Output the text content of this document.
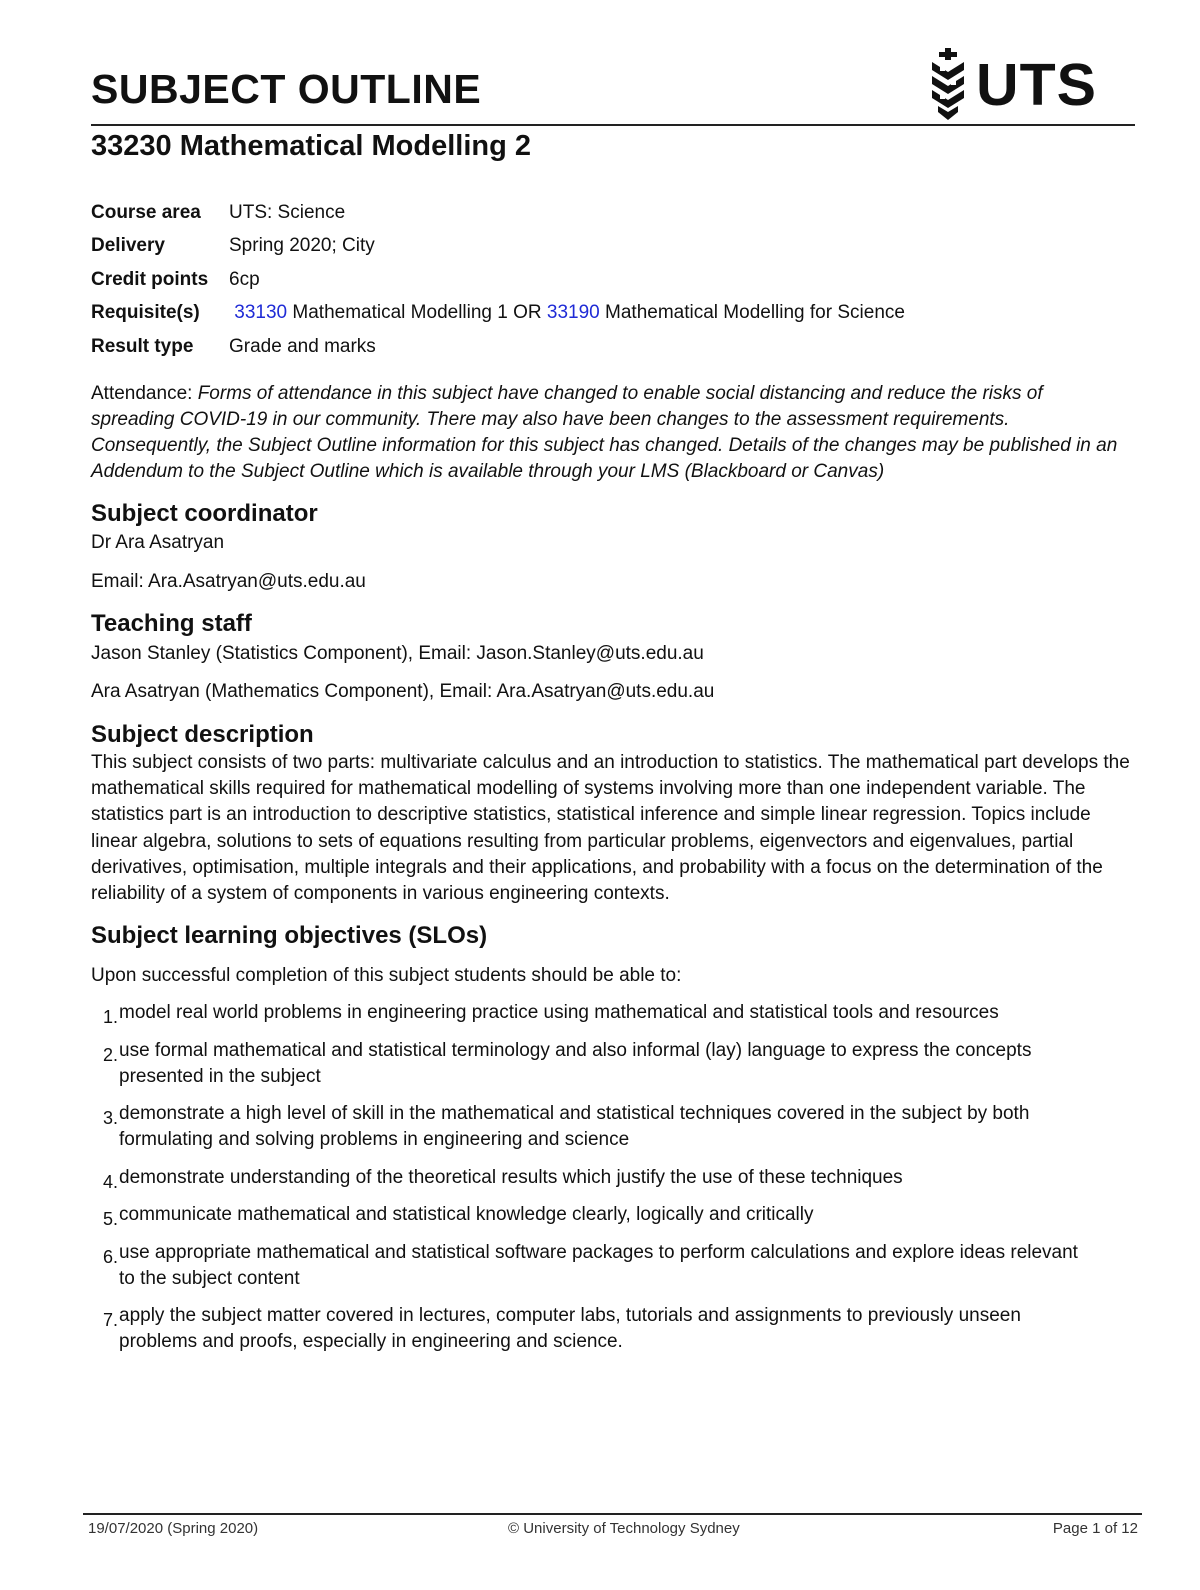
SUBJECT OUTLINE	UTS
33230 Mathematical Modelling 2
Course area	UTS: Science
Delivery	Spring 2020; City
Credit points	6cp
Requisite(s)	33130 Mathematical Modelling 1 OR 33190 Mathematical Modelling for Science
Result type	Grade and marks

Attendance: Forms of attendance in this subject have changed to enable social distancing and reduce the risks of spreading COVID-19 in our community. There may also have been changes to the assessment requirements. Consequently, the Subject Outline information for this subject has changed. Details of the changes may be published in an Addendum to the Subject Outline which is available through your LMS (Blackboard or Canvas)

Subject coordinator

Dr Ara Asatryan

Email: Ara.Asatryan@uts.edu.au

Teaching staff

Jason Stanley (Statistics Component), Email: Jason.Stanley@uts.edu.au

Ara Asatryan (Mathematics Component), Email: Ara.Asatryan@uts.edu.au

Subject description

This subject consists of two parts: multivariate calculus and an introduction to statistics. The mathematical part develops the mathematical skills required for mathematical modelling of systems involving more than one independent variable. The statistics part is an introduction to descriptive statistics, statistical inference and simple linear regression. Topics include linear algebra, solutions to sets of equations resulting from particular problems, eigenvectors and eigenvalues, partial derivatives, optimisation, multiple integrals and their applications, and probability with a focus on the determination of the reliability of a system of components in various engineering contexts.

Subject learning objectives (SLOs)

Upon successful completion of this subject students should be able to:

1. model real world problems in engineering practice using mathematical and statistical tools and resources
2. use formal mathematical and statistical terminology and also informal (lay) language to express the concepts presented in the subject
3. demonstrate a high level of skill in the mathematical and statistical techniques covered in the subject by both formulating and solving problems in engineering and science
4. demonstrate understanding of the theoretical results which justify the use of these techniques
5. communicate mathematical and statistical knowledge clearly, logically and critically
6. use appropriate mathematical and statistical software packages to perform calculations and explore ideas relevant to the subject content
7. apply the subject matter covered in lectures, computer labs, tutorials and assignments to previously unseen problems and proofs, especially in engineering and science.
19/07/2020 (Spring 2020)	© University of Technology Sydney	Page 1 of 12
